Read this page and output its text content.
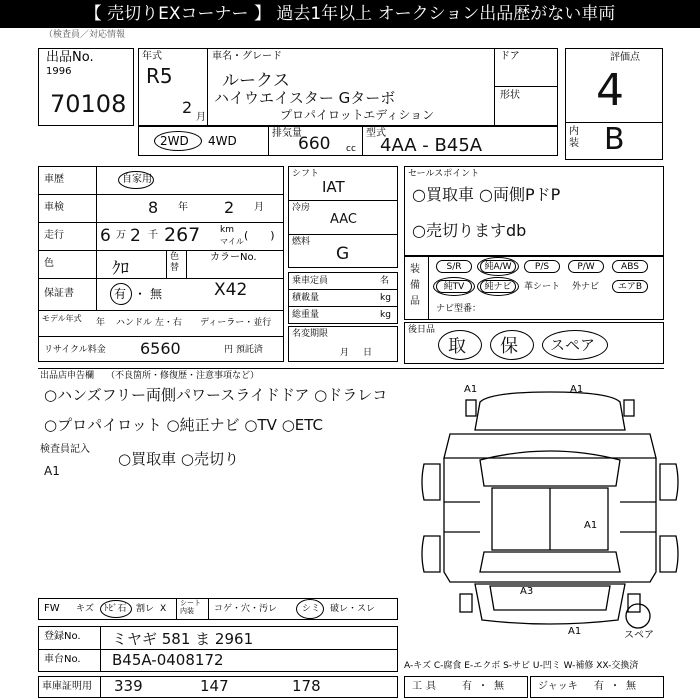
【 売切りEXコーナー 】 過去1年以上 オークション出品歴がない車両
（検査員／対応情報
出品No.
1996
70108
年式
R5
2
月
車名・グレード
ルークス
ハイウエイスター Gターボ
プロパイロットエディション
ドア
形状
評価点
4
内装 B
2WD 4WD
排気量
660 cc
型式
4AA - B45A
車歴	自家用
車検	8 年 2 月
走行 6 万 2 千 267 km
マイル (　　)
色	ｸﾛ
色替
カラーNo.
保証書	有 ・ 無	X42
モデル年式 年 ハンドル 左・右 ディーラー・並行
リサイクル料金 6560	円 預託済
シフト
IAT
冷房
AAC
燃料
G
乗車定員	名
積載量	kg
総重量	kg
名変期限
月日
セールスポイント
○買取車 ○両側PドP
○売切りますdb
装備品
S/R	純A/W	P/S	P/W	ABS
純TV	純ナビ	革シート 外ナビ	エアB
ナビ型番：
後日品
取 保 スペア
出品店申告欄 （不良箇所・修復歴・注意事項など）
○ハンズフリー両側パワースライドドア ○ドラレコ
○プロパイロット ○純正ナビ ○TV ○ETC
検査員記入
A1
○買取車 ○売切り
A1	A1
A1
A3
A1	スペア
FW キズ ﾄﾋﾞ石 割レ X
シート内装	コゲ・穴・汚レ	シミ 破レ・スレ
登録No. ミヤギ 581 ま 2961
車台No. B45A-0408172	A-キズ C-腐食 E-エクボ S-サビ U-凹ミ W-補修 XX-交換済
車庫証明用 339	147	178	工具 有 ・ 無	ジャッキ 有 ・ 無
